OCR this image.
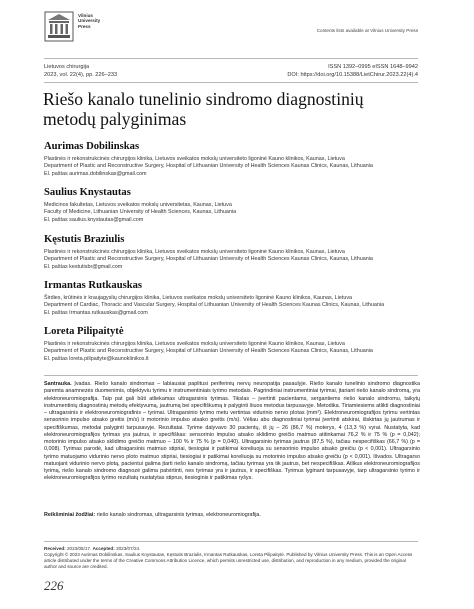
Vilnius
University
Press
Contents lists available at Vilnius University Press
Lietuvos chirurgija
2023, vol. 22(4), pp. 226–233
ISSN 1392–0995 eISSN 1648–9942
DOI: https://doi.org/10.15388/LietChirur.2023.22(4).4
Riešo kanalo tunelinio sindromo diagnostinių
metodų palyginimas
Aurimas Dobilinskas
Plastinės ir rekonstrukcinės chirurgijos klinika, Lietuvos sveikatos mokslų universiteto ligoninė Kauno klinikos, Kaunas, Lietuva
Department of Plastic and Reconstructive Surgery, Hospital of Lithuanian University of Health Sciences Kaunas Clinics, Kaunas, Lithuania
El. paštas aurimas.dobilinskas@gmail.com
Saulius Knystautas
Medicinos fakultetas, Lietuvos sveikatos mokslų universitetas, Kaunas, Lietuva
Faculty of Medicine, Lithuanian University of Health Sciences, Kaunas, Lithuania
El. paštas saulius.knystautas@gmail.com
Kęstutis Braziulis
Plastinės ir rekonstrukcinės chirurgijos klinika, Lietuvos sveikatos mokslų universiteto ligoninė Kauno klinikos, Kaunas, Lietuva
Department of Plastic and Reconstructive Surgery, Hospital of Lithuanian University of Health Sciences Kaunas Clinics, Kaunas, Lithuania
El. paštas kestutisbr@gmail.com
Irmantas Rutkauskas
Širdies, krūtinės ir kraujagyslių chirurgijos klinika, Lietuvos sveikatos mokslų universiteto ligoninė Kauno klinikos, Kaunas, Lietuva
Department of Cardiac, Thoracic and Vascular Surgery, Hospital of Lithuanian University of Health Sciences Kaunas Clinics, Kaunas, Lithuania
El. paštas Irmantas.rutkauskas@gmail.com
Loreta Pilipaitytė
Plastinės ir rekonstrukcinės chirurgijos klinika, Lietuvos sveikatos mokslų universiteto ligoninė Kauno klinikos, Kaunas, Lietuva
Department of Plastic and Reconstructive Surgery, Hospital of Lithuanian University of Health Sciences Kaunas Clinics, Kaunas, Lithuania
El. paštas loreta.pilipaityte@kaunoklinikos.lt
Santrauka. Įvadas. Riešo kanalo sindromas – labiausiai paplitusi periferinių nervų neuropatija pasaulyje. Riešo kanalo tunelinio sindromo diagnostika paremta anamnezės duomenimis, objektyviu tyrimu ir instrumentiniais tyrimo metodais. Pagrindiniai instrumentiniai tyrimai, įtariant riešo kanalo sindromą, yra elektroneuromiografija. Taip pat gali būti atliekamas ultragarsinis tyrimas. Tikslas – įvertinti pacientams, sergantiems riešo kanalo sindromu, taikytų instrumentinių diagnostinių metodų efektyvumą, jautrumą bei specifiškumą ir palyginti šiuos metodus tarpusavyje. Metodika. Tiriamiesiems atlikti diagnostiniai – ultragarsinis ir elektroneuromiografinis – tyrimai. Ultragarsinio tyrimo metu vertintas vidurinio nervo plotas (mm²). Elektroneuromiografijos tyrimu vertintas sensorinio impulso atsako greitis (m/s) ir motorinio impulso atsako greitis (m/s). Vėliau abu diagnostiniai tyrimai įvertinti atskirai, išskirtas jų jautrumas ir specifiškumas, metodai palyginti tarpusavyje. Rezultatai. Tyrime dalyvavo 30 pacientų, iš jų – 26 (86,7 %) moterys, 4 (13,3 %) vyrai. Nustatyta, kad elektroneuromiografijos tyrimas yra jautrus, ir specifiškas: sensorinio impulso atsako sklidimo greičio matmuo atitinkamai 76,2 % ir 75 % (p = 0,042); motorinio impulso atsako sklidimo greičio matmuo – 100 % ir 75 % (p = 0,040). Ultragarsinio tyrimas jautrus (87,5 %), tačiau nespecifiškas (66,7 %) (p = 0,008). Tyrimas parodė, kad ultragarsinis matmuo stipriai, tiesiogiai ir patikimai koreliuoja su sensorinio impulso atsako greičiu (p < 0,001). Ultragarsinio tyrimo matuojamo vidurinio nervo ploto matmuo stipriai, tiesiogiai ir patikimai koreliuoja su motorinio impulso atsako greičiu (p < 0,001). Išvados. Ultragarso matuojant vidurinio nervo plotą, pacientui galima įtarti riešo kanalo sindromą, tačiau tyrimas yra tik jautrus, bet nespecifiškas. Atlikus elektroneuromiografijos tyrimą, riešo kanalo sindromo diagnozė galima patvirtinti, nes tyrimas yra ir jautrus, ir specifiškas. Tyrimus lyginant tarpusavyje, tarp ultragarsinio tyrimo ir elektroneuromiografijos tyrimo rezultatų nustatytas stiprus, tiesioginis ir patikimas ryšys.
Reikšminiai žodžiai: riešo kanalo sindromas, ultragarsinis tyrimas, elektroneuromiografija.
Received: 2023/05/17. Accepted: 2023/07/24.
Copyright © 2023 Aurimas Dobilinskas, Saulius Knystautas, Kęstutis Braziulis, Irmantas Rutkauskas, Loreta Pilipaitytė. Published by Vilnius University Press. This is an Open Access article distributed under the terms of the Creative Commons Attribution Licence, which permits unrestricted use, distribution, and reproduction in any medium, provided the original author and source are credited.
226
